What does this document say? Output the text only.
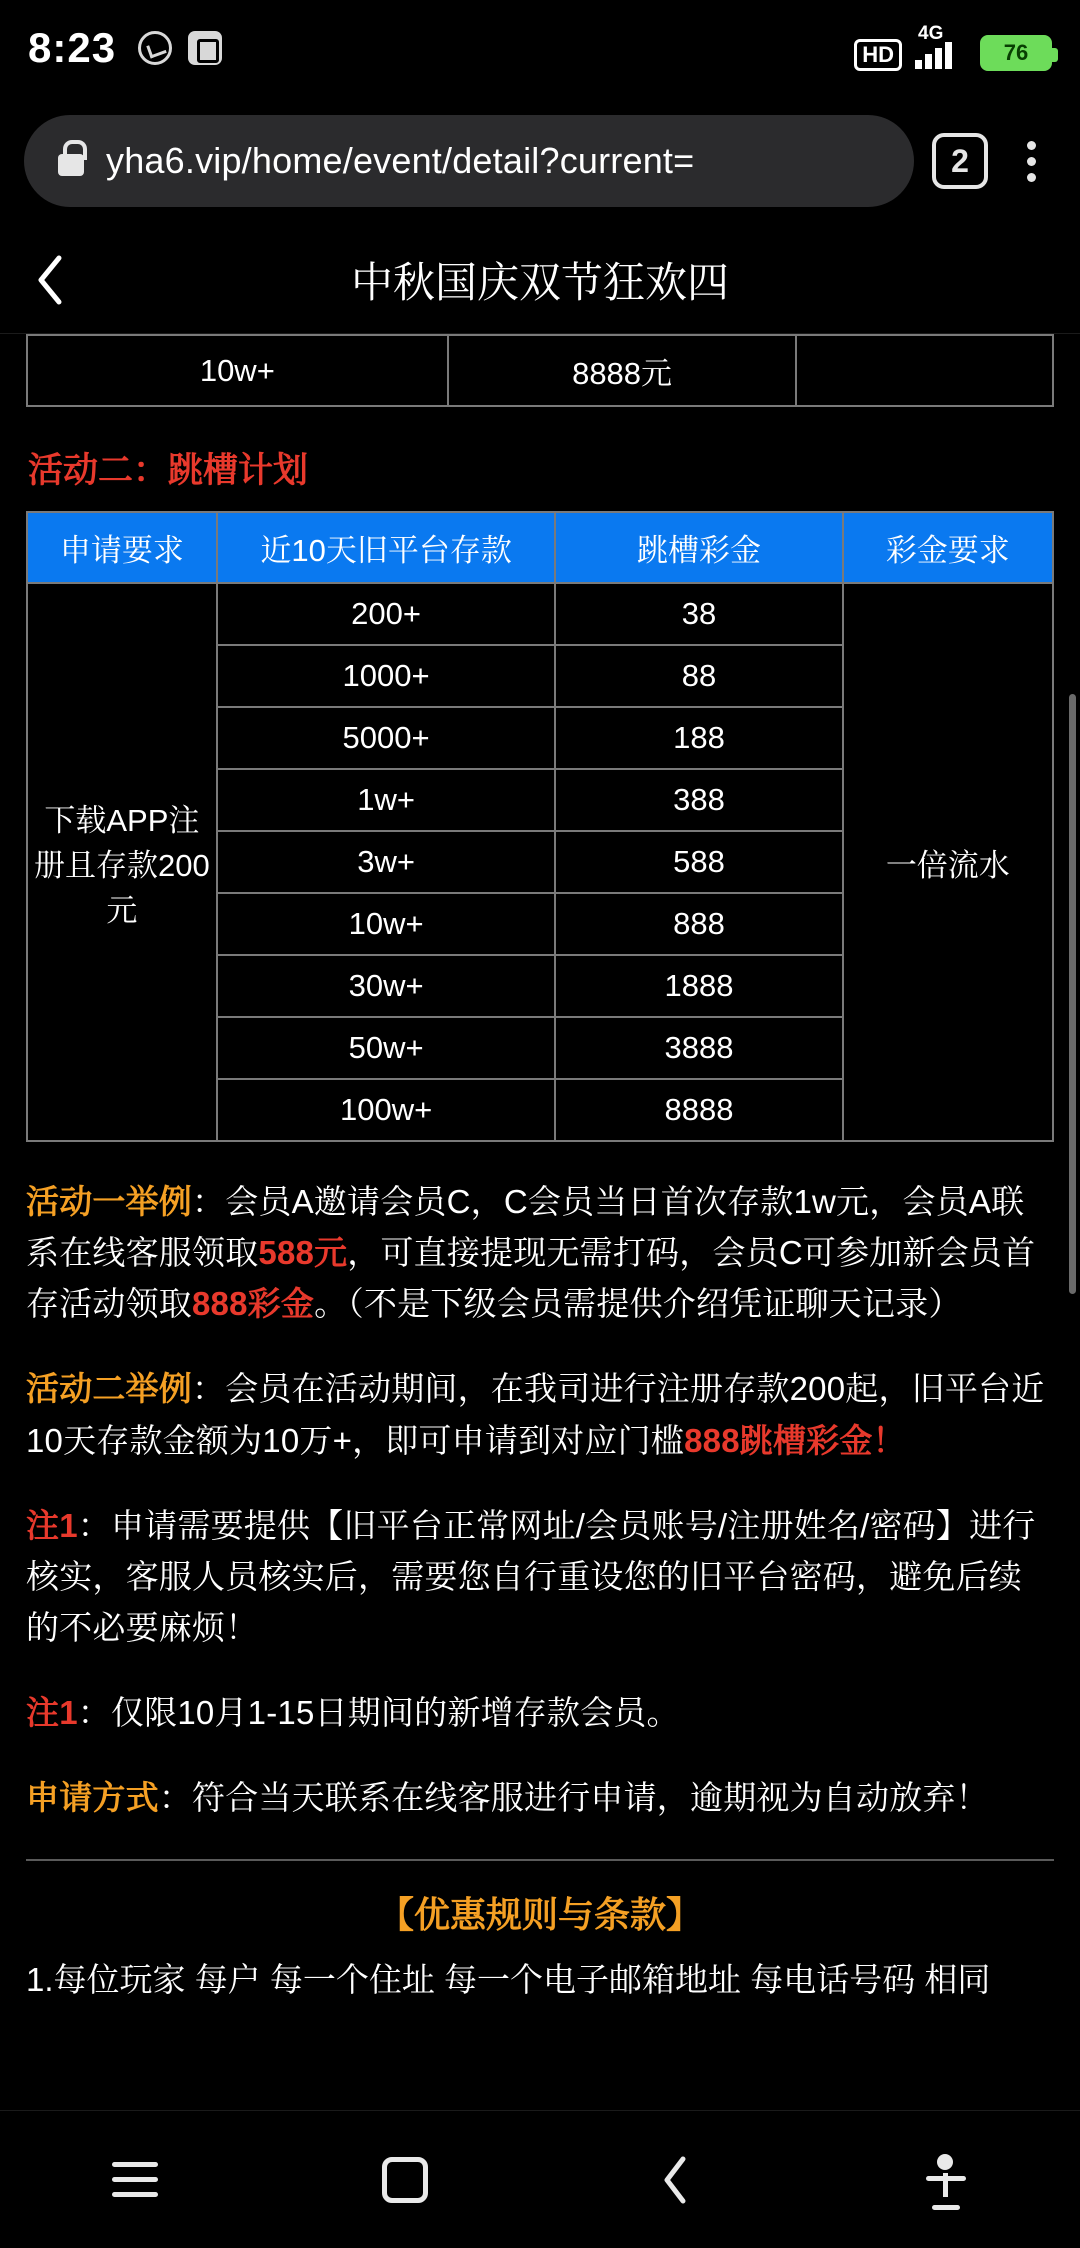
8:23	HD
4G
76
yha6.vip/home/event/detail?current=	2
中秋国庆双节狂欢四
10w+	8888元	
活动二：跳槽计划
申请要求	近10天旧平台存款	跳槽彩金	彩金要求
下载APP注册且存款200元	200+	38	一倍流水
	1000+	88	
	5000+	188	
	1w+	388	
	3w+	588	
	10w+	888	
	30w+	1888	
	50w+	3888	
	100w+	8888	
活动一举例：会员A邀请会员C，C会员当日首次存款1w元，会员A联系在线客服领取588元，可直接提现无需打码，会员C可参加新会员首存活动领取888彩金。（不是下级会员需提供介绍凭证聊天记录）
活动二举例：会员在活动期间，在我司进行注册存款200起，旧平台近10天存款金额为10万+，即可申请到对应门槛888跳槽彩金！
注1：申请需要提供【旧平台正常网址/会员账号/注册姓名/密码】进行核实，客服人员核实后，需要您自行重设您的旧平台密码，避免后续的不必要麻烦！
注1：仅限10月1-15日期间的新增存款会员。
申请方式：符合当天联系在线客服进行申请，逾期视为自动放弃！
【优惠规则与条款】
1.每位玩家 每户 每一个住址 每一个电子邮箱地址 每电话号码 相同
